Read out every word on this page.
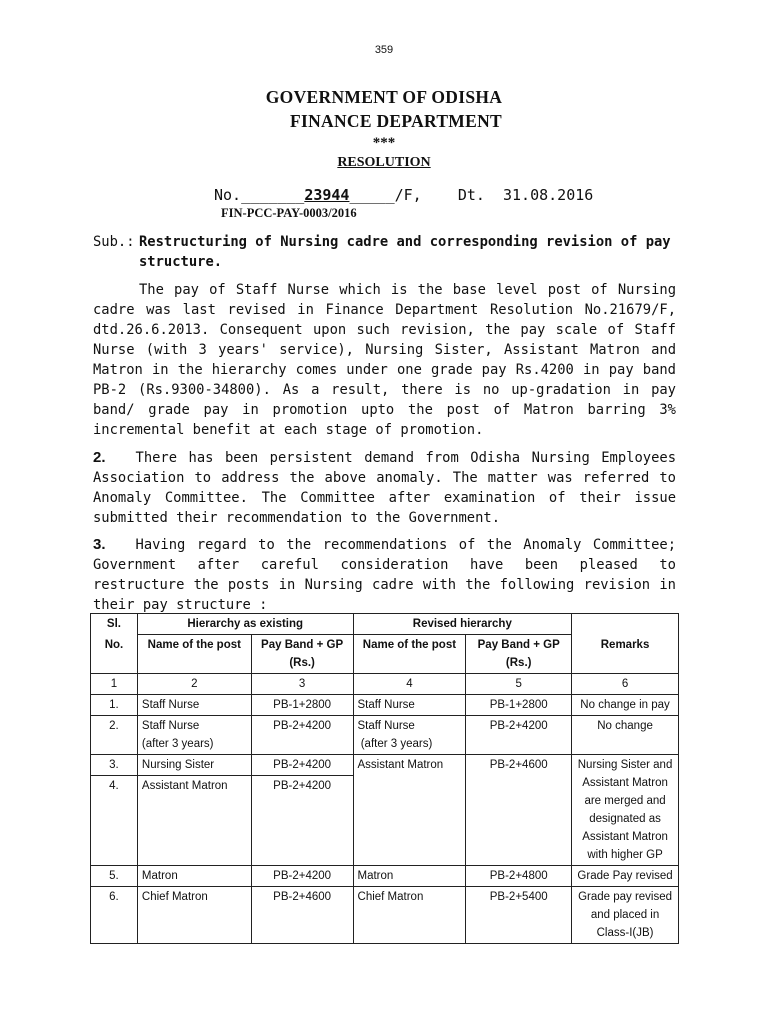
359
GOVERNMENT OF ODISHA
FINANCE DEPARTMENT
***
RESOLUTION
No._______23944_____/F, Dt. 31.08.2016
FIN-PCC-PAY-0003/2016
Sub.: Restructuring of Nursing cadre and corresponding revision of pay structure.
The pay of Staff Nurse which is the base level post of Nursing cadre was last revised in Finance Department Resolution No.21679/F, dtd.26.6.2013. Consequent upon such revision, the pay scale of Staff Nurse (with 3 years' service), Nursing Sister, Assistant Matron and Matron in the hierarchy comes under one grade pay Rs.4200 in pay band PB-2 (Rs.9300-34800). As a result, there is no up-gradation in pay band/ grade pay in promotion upto the post of Matron barring 3% incremental benefit at each stage of promotion.
2. There has been persistent demand from Odisha Nursing Employees Association to address the above anomaly. The matter was referred to Anomaly Committee. The Committee after examination of their issue submitted their recommendation to the Government.
3. Having regard to the recommendations of the Anomaly Committee; Government after careful consideration have been pleased to restructure the posts in Nursing cadre with the following revision in their pay structure :
Sl.	Hierarchy as existing		Revised hierarchy		
No.	Name of the post	Pay Band + GP
(Rs.)	Name of the post	Pay Band + GP
(Rs.)	Remarks
1	2	3	4	5	6
1.	Staff Nurse	PB-1+2800	Staff Nurse	PB-1+2800	No change in pay
2.	Staff Nurse
(after 3 years)	PB-2+4200	Staff Nurse
(after 3 years)	PB-2+4200	No change
3.	Nursing Sister	PB-2+4200	Assistant Matron	PB-2+4600	Nursing Sister and Assistant Matron are merged and designated as Assistant Matron with higher GP
4.	Assistant Matron	PB-2+4200			
5.	Matron	PB-2+4200	Matron	PB-2+4800	Grade Pay revised
6.	Chief Matron	PB-2+4600	Chief Matron	PB-2+5400	Grade pay revised and placed in Class-I(JB)
